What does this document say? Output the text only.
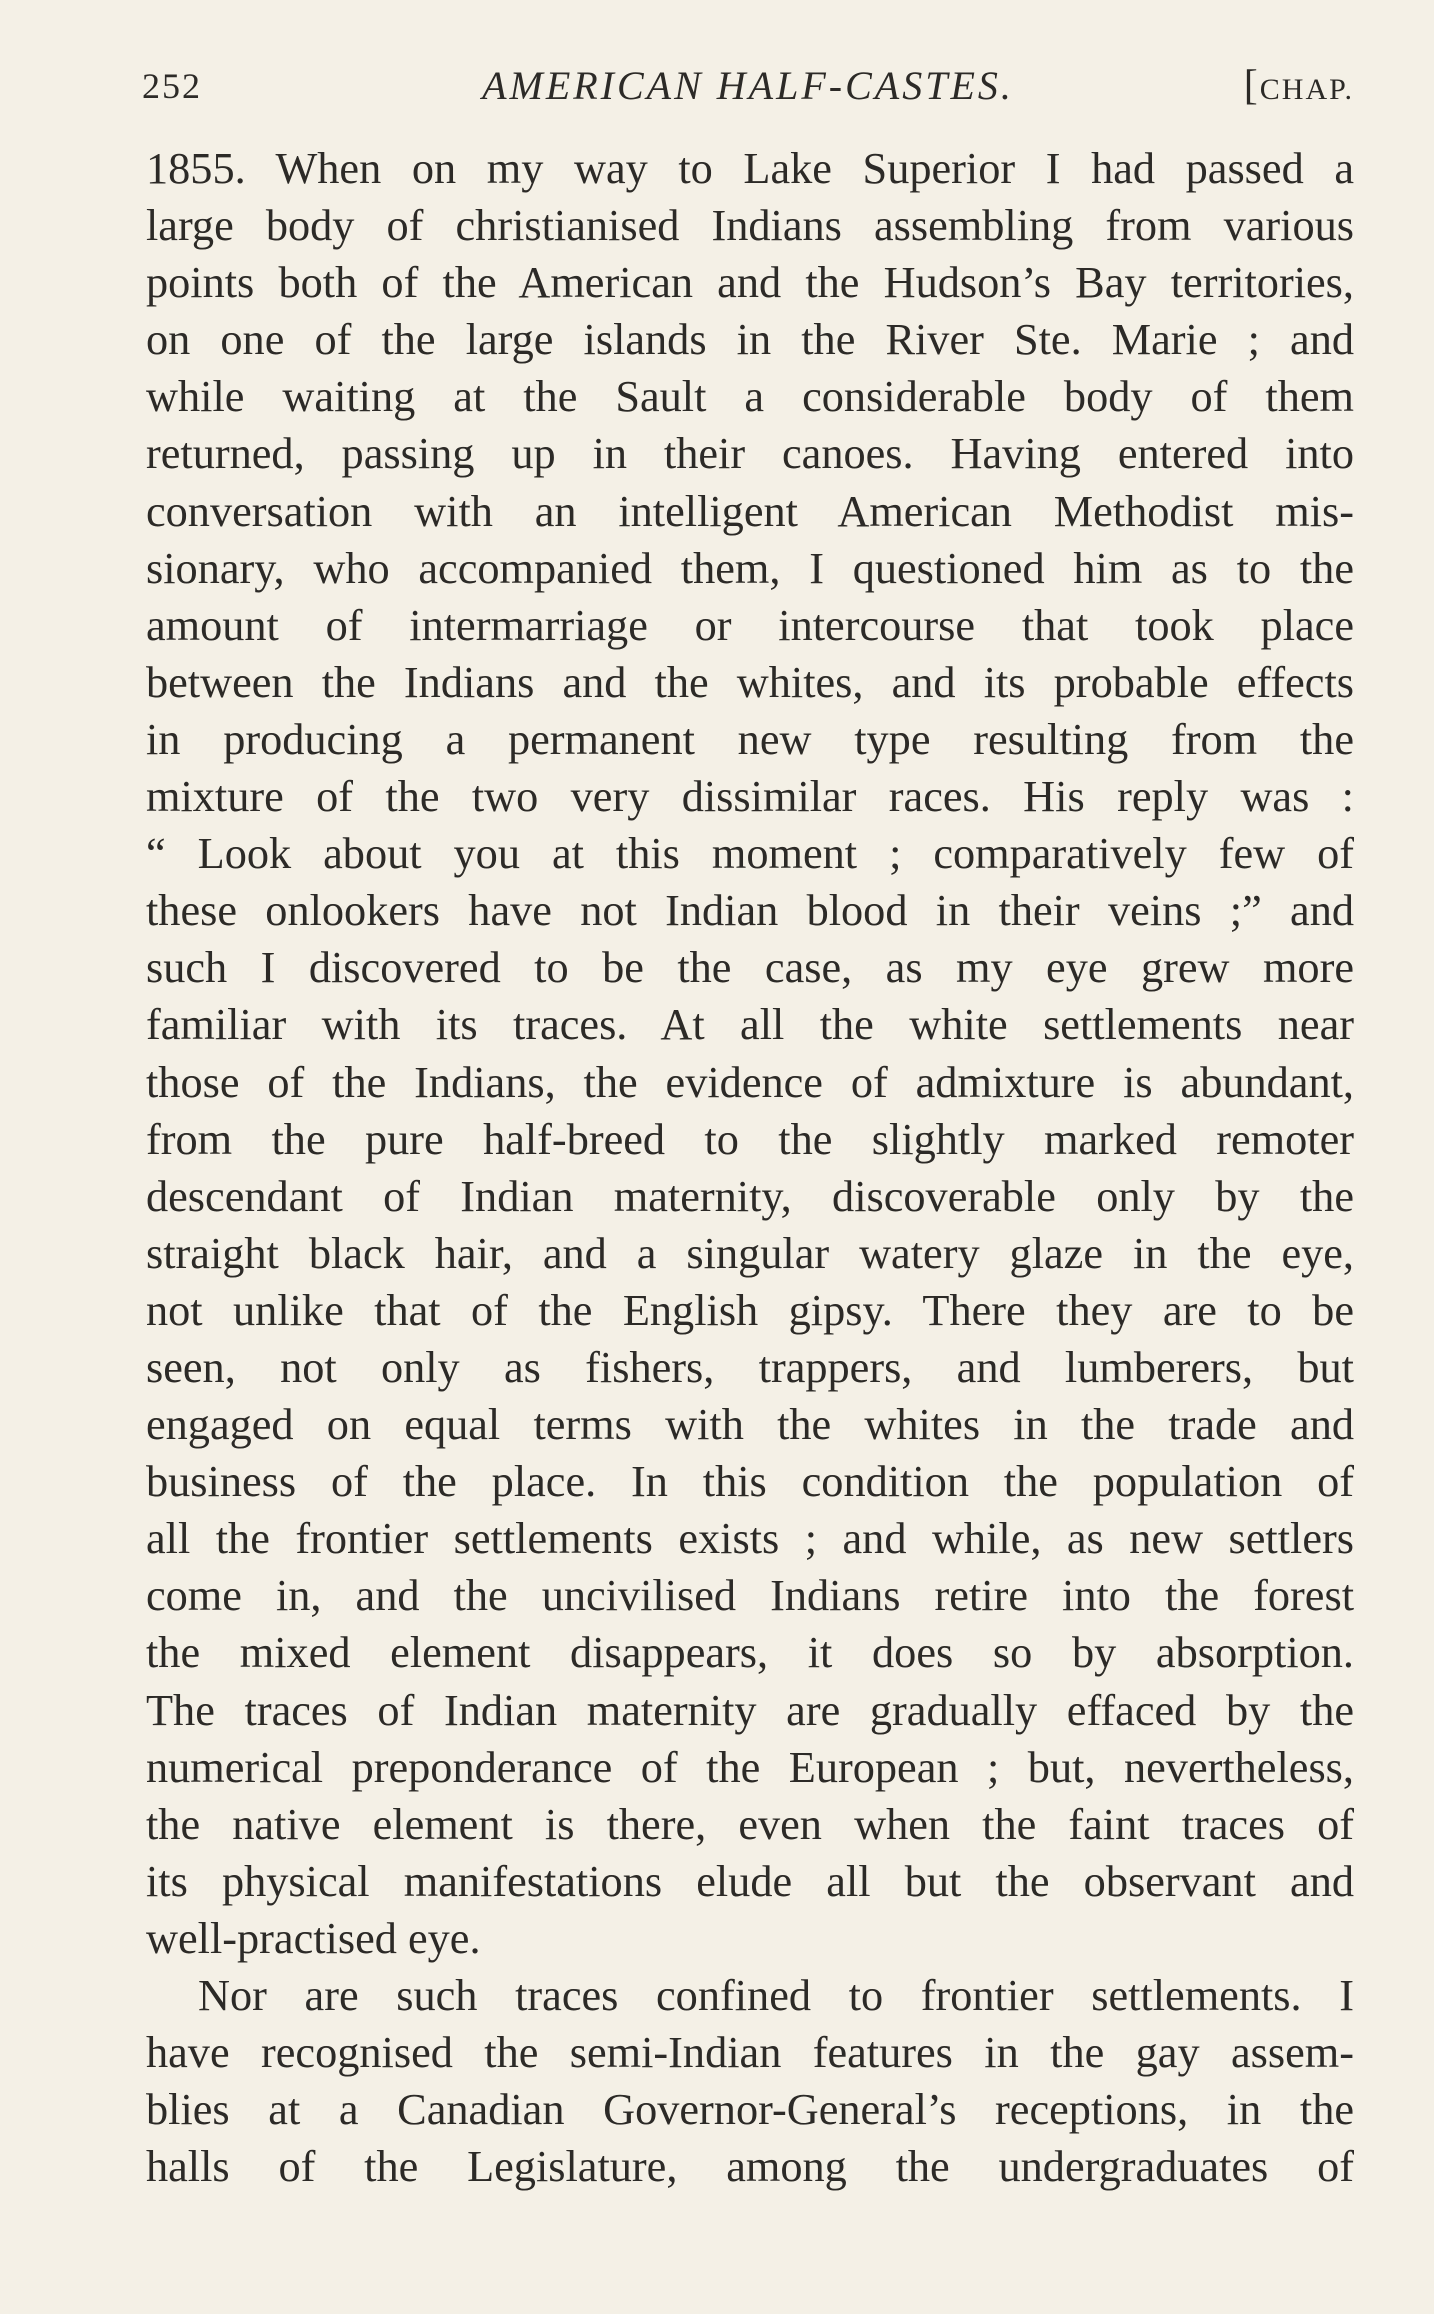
252	AMERICAN HALF-CASTES.	[CHAP.
1855. When on my way to Lake Superior I had passed a
large body of christianised Indians assembling from various
points both of the American and the Hudson’s Bay territories,
on one of the large islands in the River Ste. Marie ; and
while waiting at the Sault a considerable body of them
returned, passing up in their canoes. Having entered into
conversation with an intelligent American Methodist mis-
sionary, who accompanied them, I questioned him as to the
amount of intermarriage or intercourse that took place
between the Indians and the whites, and its probable effects
in producing a permanent new type resulting from the
mixture of the two very dissimilar races. His reply was :
“ Look about you at this moment ; comparatively few of
these onlookers have not Indian blood in their veins ;” and
such I discovered to be the case, as my eye grew more
familiar with its traces. At all the white settlements near
those of the Indians, the evidence of admixture is abundant,
from the pure half-breed to the slightly marked remoter
descendant of Indian maternity, discoverable only by the
straight black hair, and a singular watery glaze in the eye,
not unlike that of the English gipsy. There they are to be
seen, not only as fishers, trappers, and lumberers, but
engaged on equal terms with the whites in the trade and
business of the place. In this condition the population of
all the frontier settlements exists ; and while, as new settlers
come in, and the uncivilised Indians retire into the forest
the mixed element disappears, it does so by absorption.
The traces of Indian maternity are gradually effaced by the
numerical preponderance of the European ; but, nevertheless,
the native element is there, even when the faint traces of
its physical manifestations elude all but the observant and
well-practised eye.
Nor are such traces confined to frontier settlements. I
have recognised the semi-Indian features in the gay assem-
blies at a Canadian Governor-General’s receptions, in the
halls of the Legislature, among the undergraduates of
